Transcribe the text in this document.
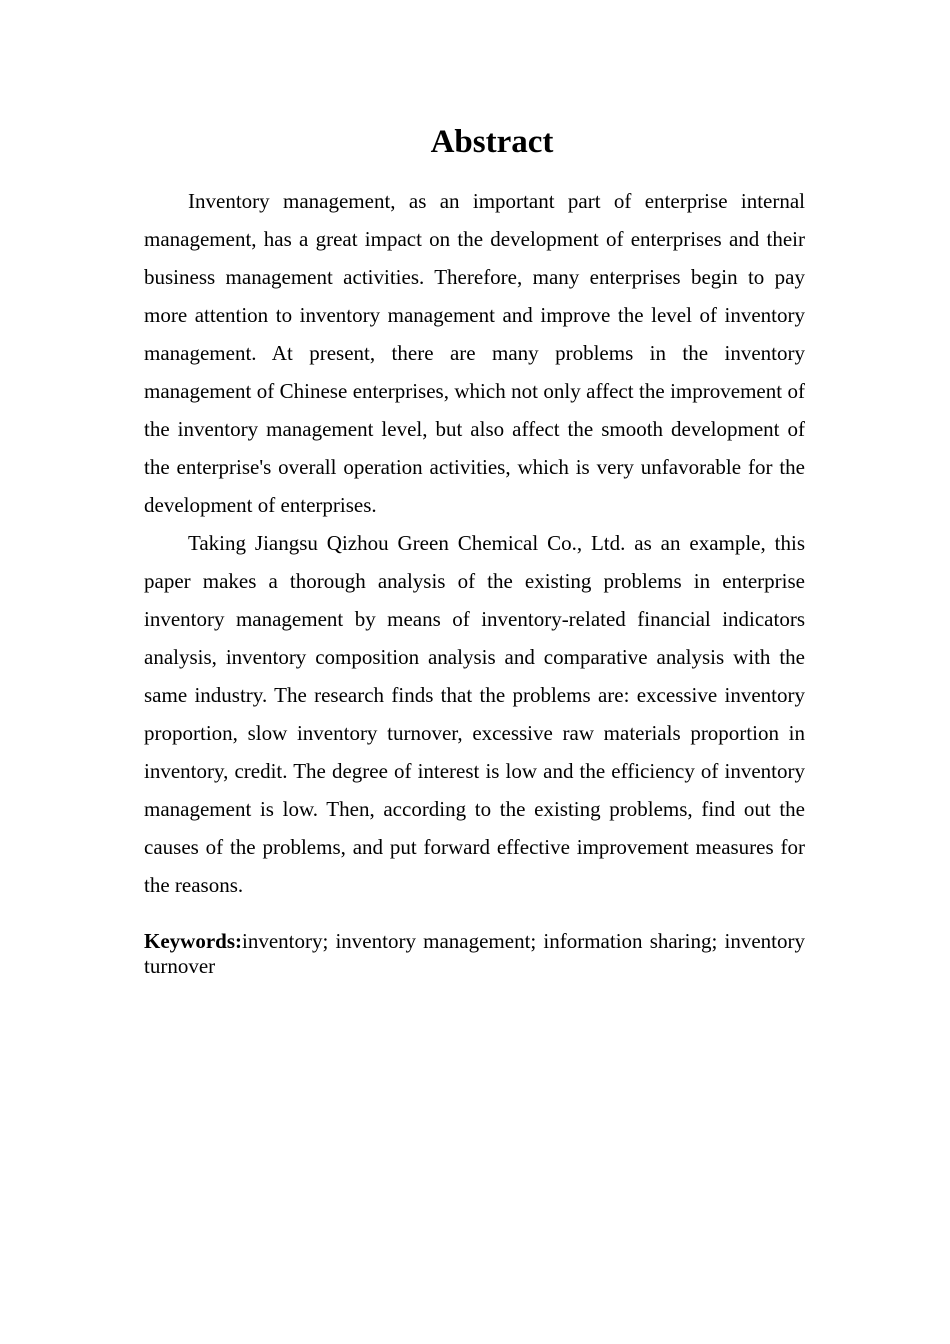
Abstract

Inventory management, as an important part of enterprise internal management, has a great impact on the development of enterprises and their business management activities. Therefore, many enterprises begin to pay more attention to inventory management and improve the level of inventory management. At present, there are many problems in the inventory management of Chinese enterprises, which not only affect the improvement of the inventory management level, but also affect the smooth development of the enterprise's overall operation activities, which is very unfavorable for the development of enterprises.

Taking Jiangsu Qizhou Green Chemical Co., Ltd. as an example, this paper makes a thorough analysis of the existing problems in enterprise inventory management by means of inventory-related financial indicators analysis, inventory composition analysis and comparative analysis with the same industry. The research finds that the problems are: excessive inventory proportion, slow inventory turnover, excessive raw materials proportion in inventory, credit. The degree of interest is low and the efficiency of inventory management is low. Then, according to the existing problems, find out the causes of the problems, and put forward effective improvement measures for the reasons.

Keywords:inventory; inventory management; information sharing; inventory turnover
